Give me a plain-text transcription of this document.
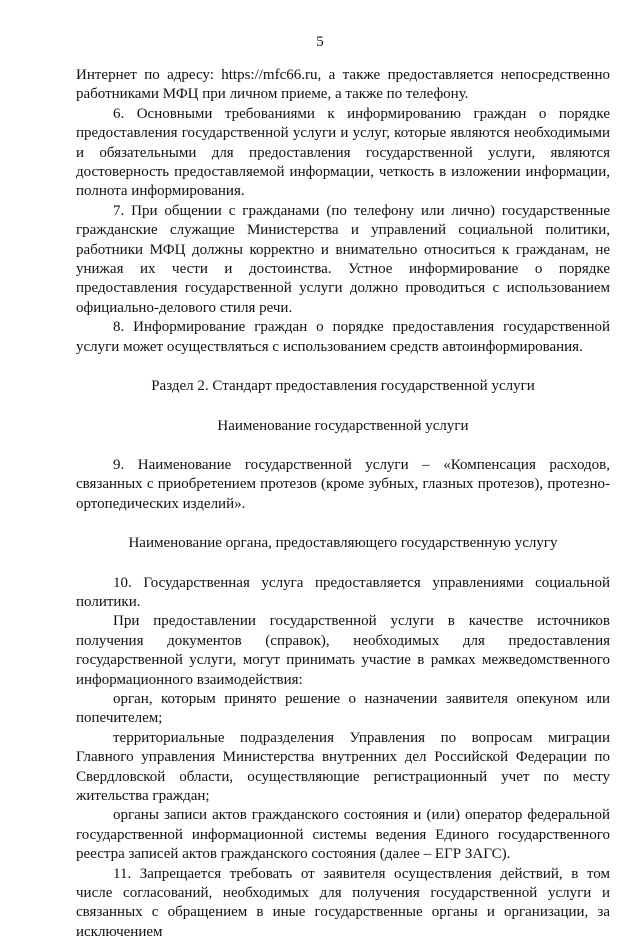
5

Интернет по адресу: https://mfc66.ru, а также предоставляется непосредственно работниками МФЦ при личном приеме, а также по телефону.

6. Основными требованиями к информированию граждан о порядке предоставления государственной услуги и услуг, которые являются необходимыми и обязательными для предоставления государственной услуги, являются достоверность предоставляемой информации, четкость в изложении информации, полнота информирования.

7. При общении с гражданами (по телефону или лично) государственные гражданские служащие Министерства и управлений социальной политики, работники МФЦ должны корректно и внимательно относиться к гражданам, не унижая их чести и достоинства. Устное информирование о порядке предоставления государственной услуги должно проводиться с использованием официально-делового стиля речи.

8. Информирование граждан о порядке предоставления государственной услуги может осуществляться с использованием средств автоинформирования.

Раздел 2. Стандарт предоставления государственной услуги

Наименование государственной услуги

9. Наименование государственной услуги – «Компенсация расходов, связанных с приобретением протезов (кроме зубных, глазных протезов), протезно-ортопедических изделий».

Наименование органа, предоставляющего государственную услугу

10. Государственная услуга предоставляется управлениями социальной политики.

При предоставлении государственной услуги в качестве источников получения документов (справок), необходимых для предоставления государственной услуги, могут принимать участие в рамках межведомственного информационного взаимодействия:

орган, которым принято решение о назначении заявителя опекуном или попечителем;

территориальные подразделения Управления по вопросам миграции Главного управления Министерства внутренних дел Российской Федерации по Свердловской области, осуществляющие регистрационный учет по месту жительства граждан;

органы записи актов гражданского состояния и (или) оператор федеральной государственной информационной системы ведения Единого государственного реестра записей актов гражданского состояния (далее – ЕГР ЗАГС).

11. Запрещается требовать от заявителя осуществления действий, в том числе согласований, необходимых для получения государственной услуги и связанных с обращением в иные государственные органы и организации, за исключением
